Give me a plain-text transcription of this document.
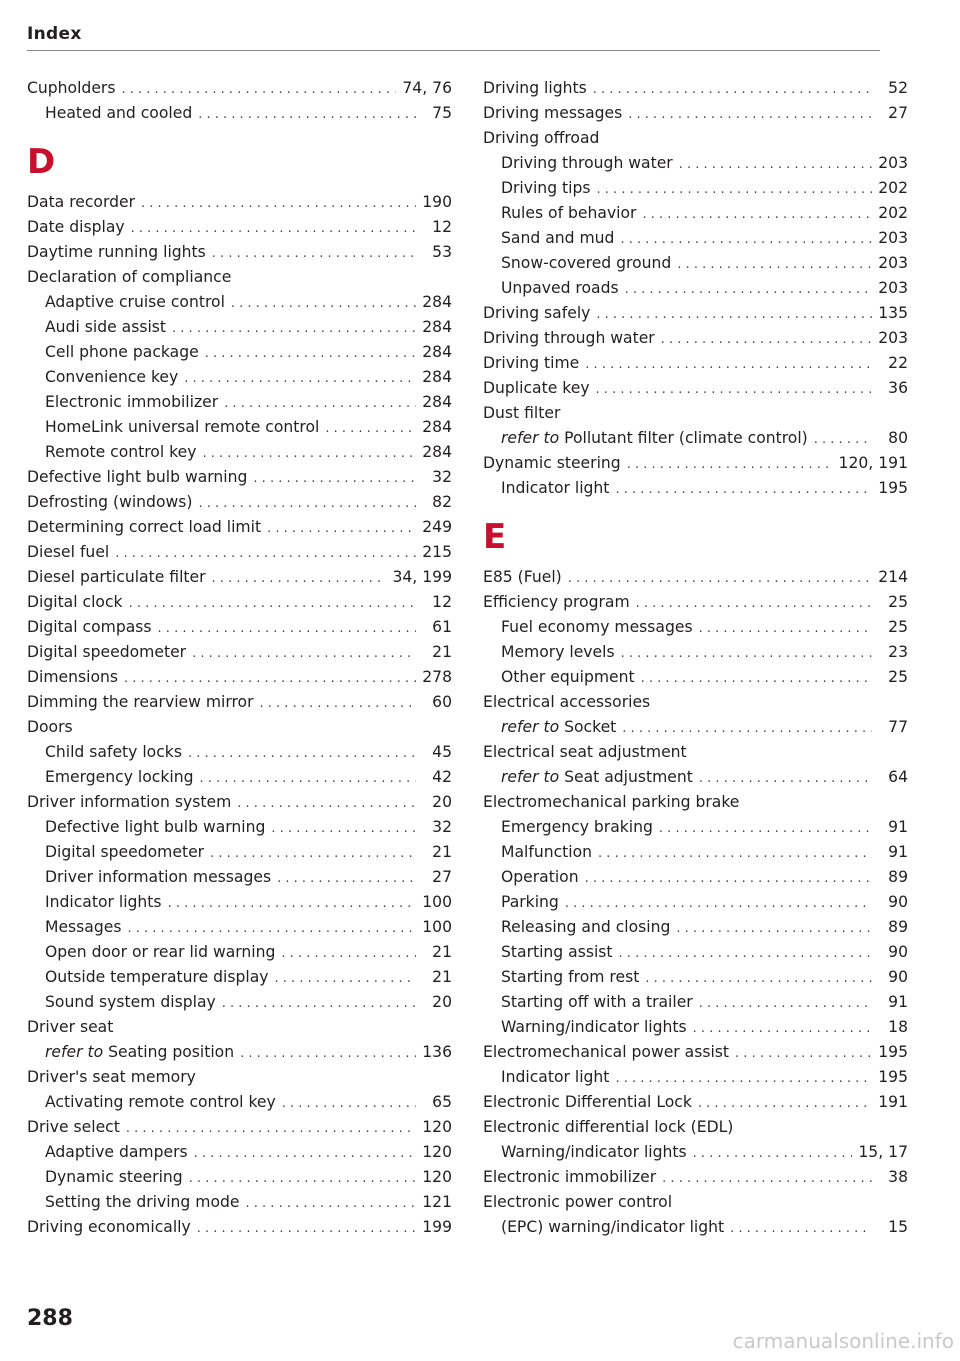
Index
Cupholders . . .	74, 76
Heated and cooled . . .	75
D
Data recorder . . .	190
Date display . . .	12
Daytime running lights . . .	53
Declaration of compliance
Adaptive cruise control . . .	284
Audi side assist . . .	284
Cell phone package . . .	284
Convenience key . . .	284
Electronic immobilizer . . .	284
HomeLink universal remote control . . .	284
Remote control key . . .	284
Defective light bulb warning . . .	32
Defrosting (windows) . . .	82
Determining correct load limit . . .	249
Diesel fuel . . .	215
Diesel particulate filter . . .	34, 199
Digital clock . . .	12
Digital compass . . .	61
Digital speedometer . . .	21
Dimensions . . .	278
Dimming the rearview mirror . . .	60
Doors
Child safety locks . . .	45
Emergency locking . . .	42
Driver information system . . .	20
Defective light bulb warning . . .	32
Digital speedometer . . .	21
Driver information messages . . .	27
Indicator lights . . .	100
Messages . . .	100
Open door or rear lid warning . . .	21
Outside temperature display . . .	21
Sound system display . . .	20
Driver seat
refer to Seating position . . .	136
Driver's seat memory
Activating remote control key . . .	65
Drive select . . .	120
Adaptive dampers . . .	120
Dynamic steering . . .	120
Setting the driving mode . . .	121
Driving economically . . .	199
Driving lights . . .	52
Driving messages . . .	27
Driving offroad
Driving through water . . .	203
Driving tips . . .	202
Rules of behavior . . .	202
Sand and mud . . .	203
Snow-covered ground . . .	203
Unpaved roads . . .	203
Driving safely . . .	135
Driving through water . . .	203
Driving time . . .	22
Duplicate key . . .	36
Dust filter
refer to Pollutant filter (climate control) . . .	80
Dynamic steering . . .	120, 191
Indicator light . . .	195
E
E85 (Fuel) . . .	214
Efficiency program . . .	25
Fuel economy messages . . .	25
Memory levels . . .	23
Other equipment . . .	25
Electrical accessories
refer to Socket . . .	77
Electrical seat adjustment
refer to Seat adjustment . . .	64
Electromechanical parking brake
Emergency braking . . .	91
Malfunction . . .	91
Operation . . .	89
Parking . . .	90
Releasing and closing . . .	89
Starting assist . . .	90
Starting from rest . . .	90
Starting off with a trailer . . .	91
Warning/indicator lights . . .	18
Electromechanical power assist . . .	195
Indicator light . . .	195
Electronic Differential Lock . . .	191
Electronic differential lock (EDL)
Warning/indicator lights . . .	15, 17
Electronic immobilizer . . .	38
Electronic power control
(EPC) warning/indicator light . . .	15
288
carmanualsonline.info
